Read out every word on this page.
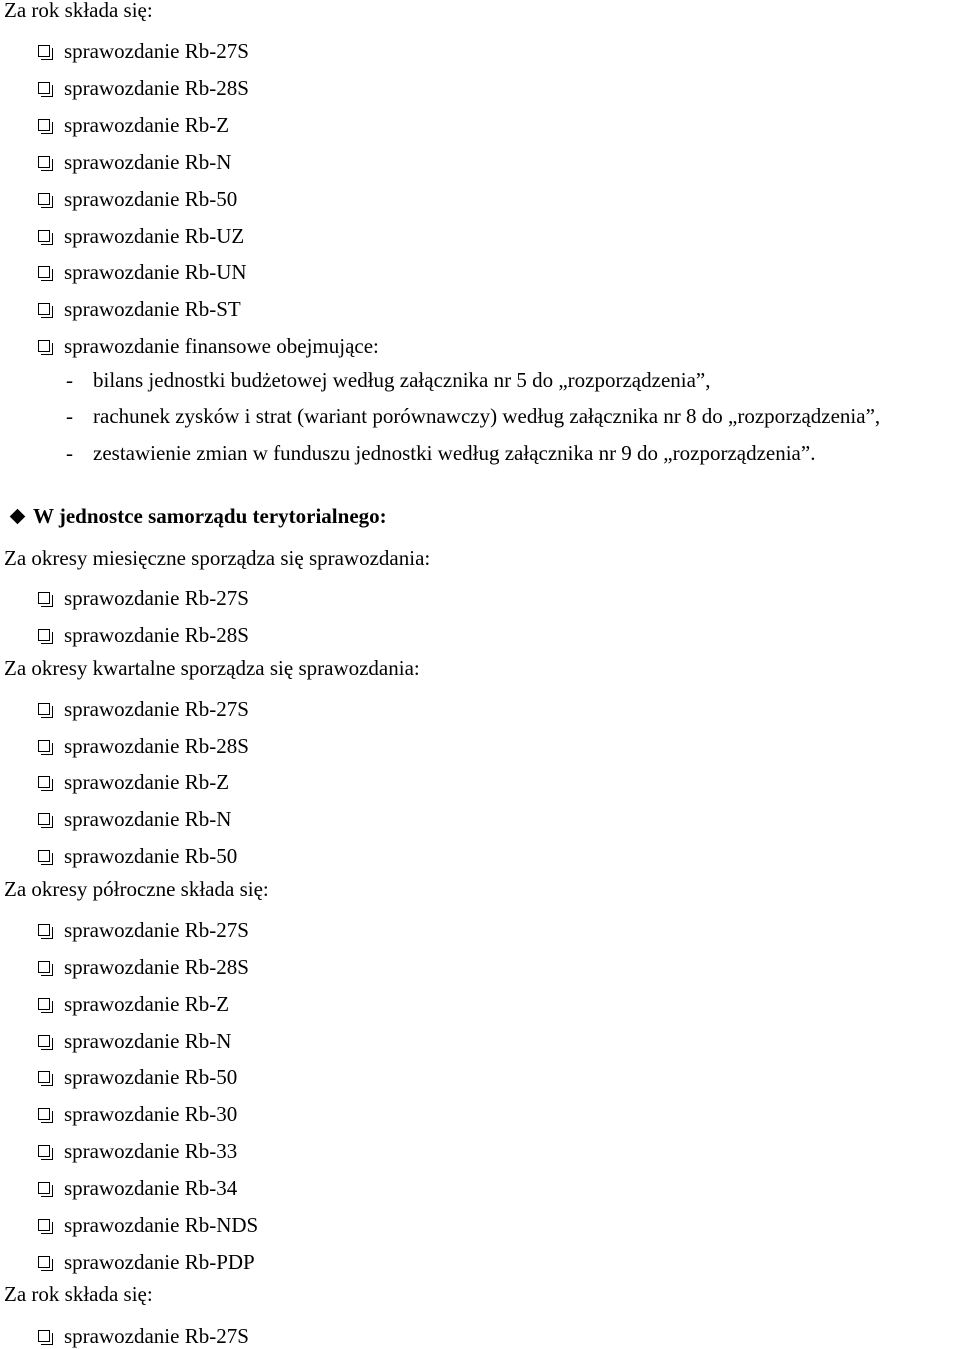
Za rok składa się:
sprawozdanie Rb-27S
sprawozdanie Rb-28S
sprawozdanie Rb-Z
sprawozdanie Rb-N
sprawozdanie Rb-50
sprawozdanie Rb-UZ
sprawozdanie Rb-UN
sprawozdanie Rb-ST
sprawozdanie finansowe obejmujące:
- bilans jednostki budżetowej według załącznika nr 5 do „rozporządzenia”,
- rachunek zysków i strat (wariant porównawczy) według załącznika nr 8 do „rozporządzenia”,
- zestawienie zmian w funduszu jednostki według załącznika nr 9 do „rozporządzenia”.
W jednostce samorządu terytorialnego:
Za okresy miesięczne sporządza się sprawozdania:
sprawozdanie Rb-27S
sprawozdanie Rb-28S
Za okresy kwartalne sporządza się sprawozdania:
sprawozdanie Rb-27S
sprawozdanie Rb-28S
sprawozdanie Rb-Z
sprawozdanie Rb-N
sprawozdanie Rb-50
Za okresy półroczne składa się:
sprawozdanie Rb-27S
sprawozdanie Rb-28S
sprawozdanie Rb-Z
sprawozdanie Rb-N
sprawozdanie Rb-50
sprawozdanie Rb-30
sprawozdanie Rb-33
sprawozdanie Rb-34
sprawozdanie Rb-NDS
sprawozdanie Rb-PDP
Za rok składa się:
sprawozdanie Rb-27S
